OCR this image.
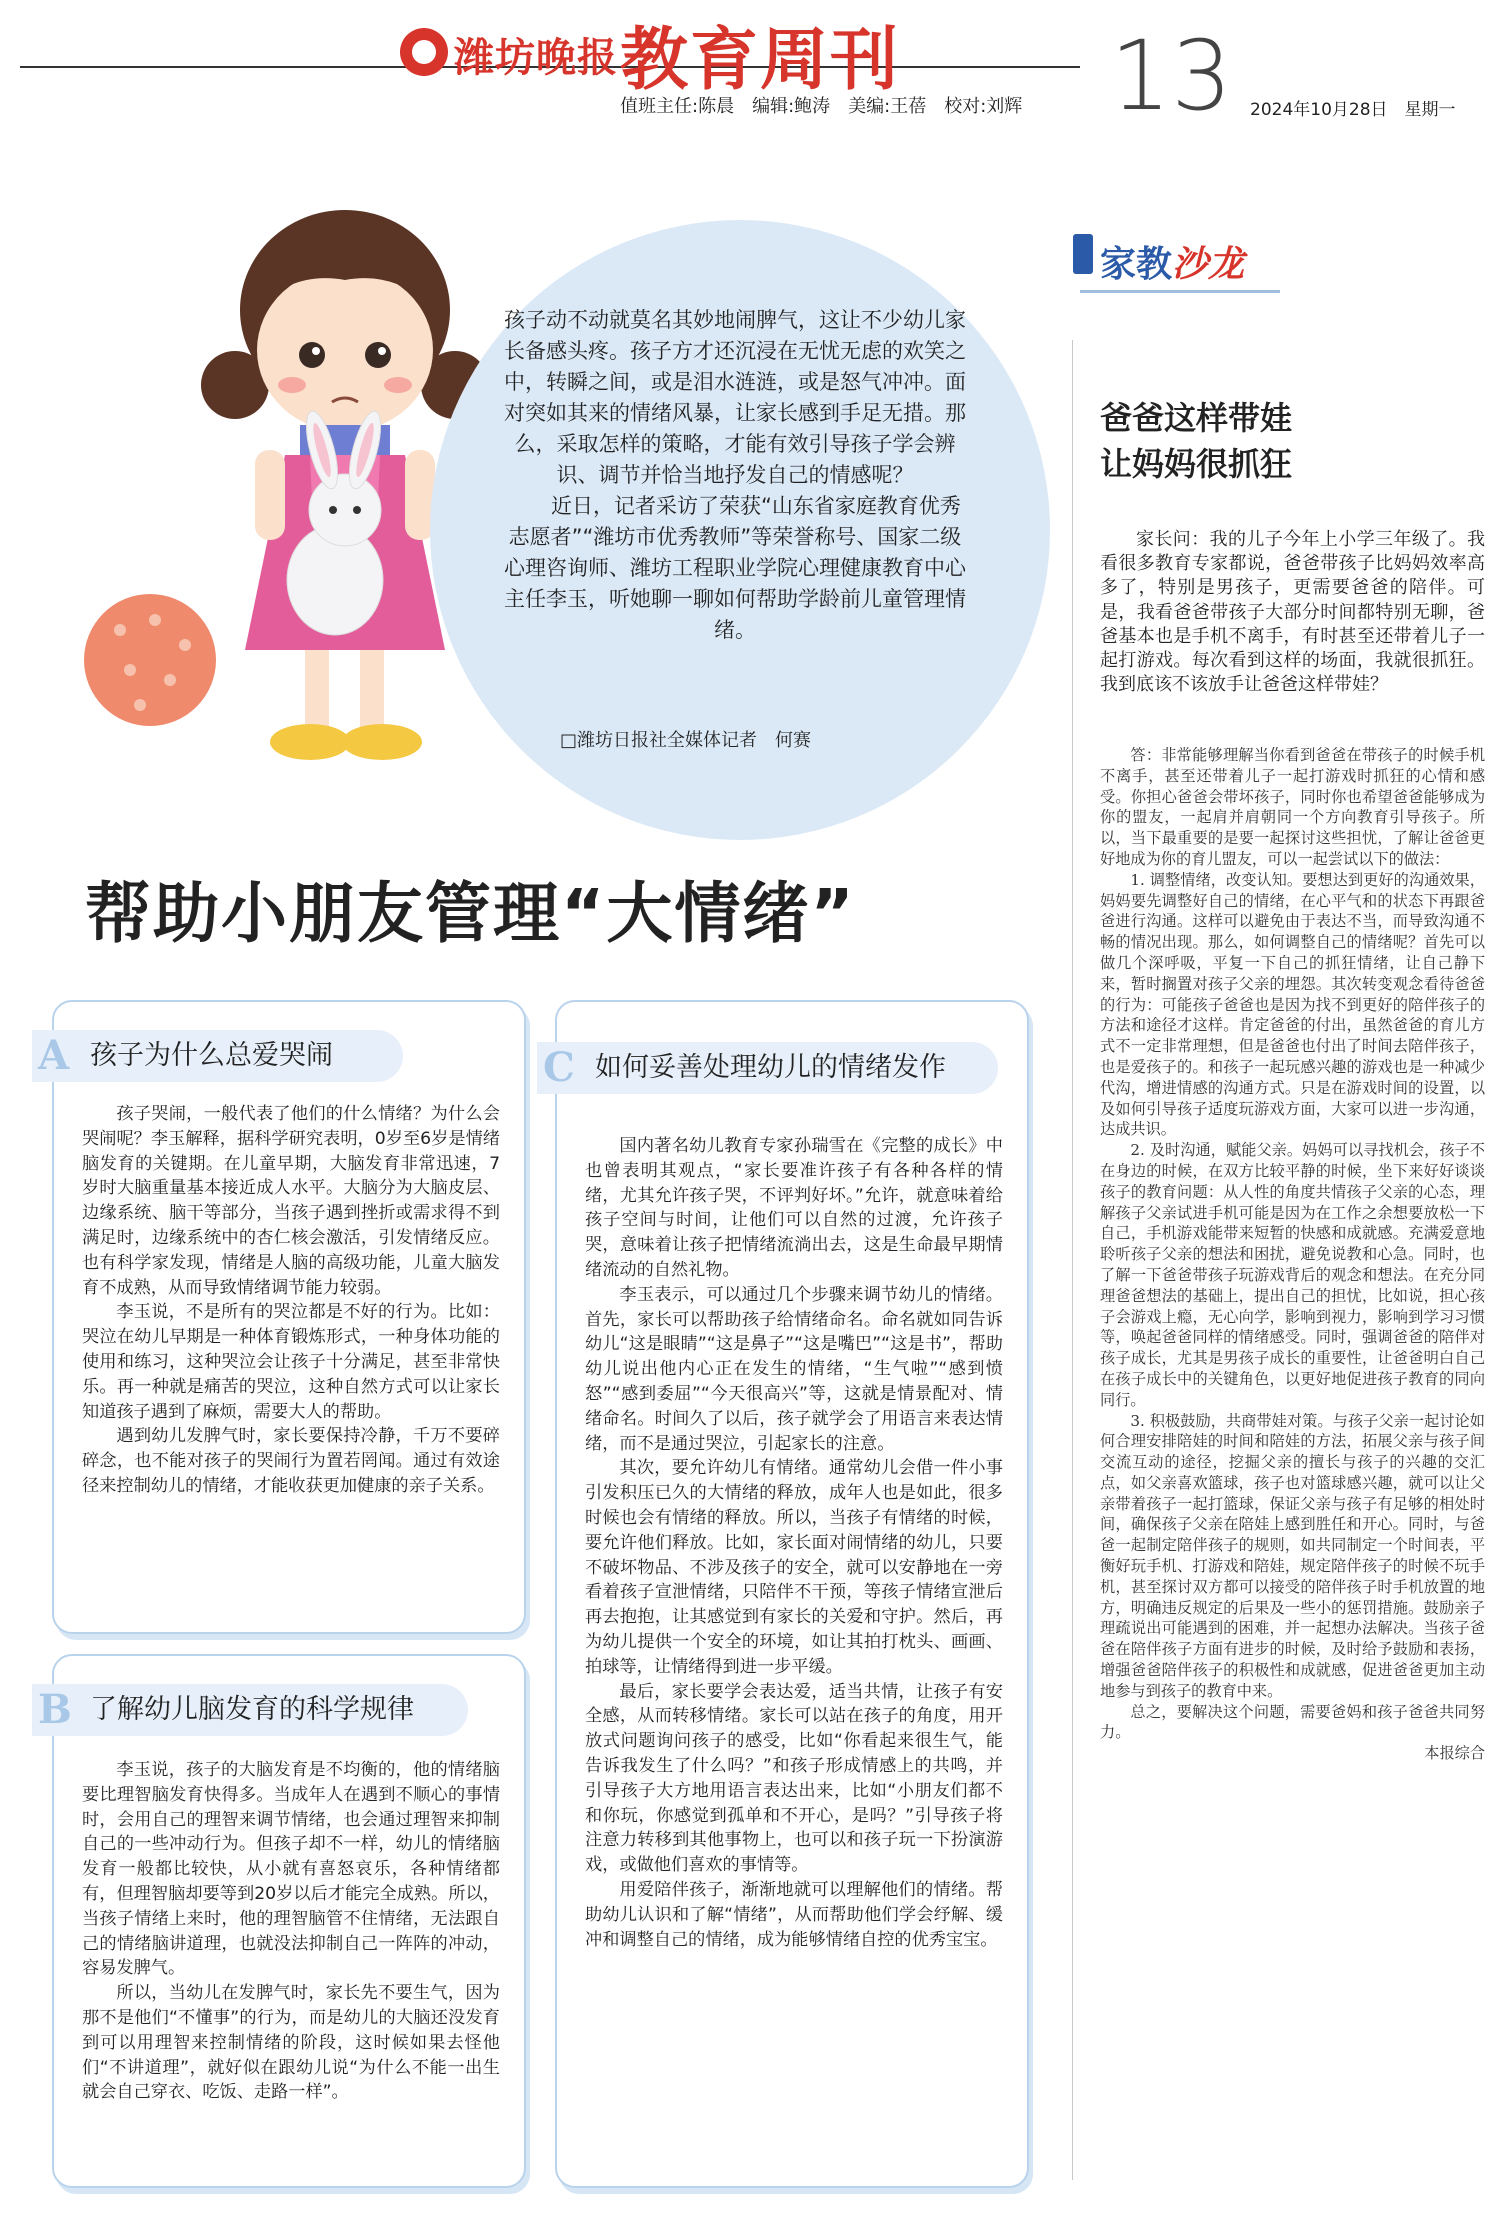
潍坊晚报 教育周刊
值班主任:陈晨　编辑:鲍涛　美编:王蓓　校对:刘辉 13 2024年10月28日　星期一

孩子动不动就莫名其妙地闹脾气，这让不少幼儿家长备感头疼。孩子方才还沉浸在无忧无虑的欢笑之中，转瞬之间，或是泪水涟涟，或是怒气冲冲。面对突如其来的情绪风暴，让家长感到手足无措。那么，采取怎样的策略，才能有效引导孩子学会辨识、调节并恰当地抒发自己的情感呢？

近日，记者采访了荣获“山东省家庭教育优秀志愿者”“潍坊市优秀教师”等荣誉称号、国家二级心理咨询师、潍坊工程职业学院心理健康教育中心主任李玉，听她聊一聊如何帮助学龄前儿童管理情绪。

□潍坊日报社全媒体记者　何赛
帮助小朋友管理“大情绪”
A 孩子为什么总爱哭闹

孩子哭闹，一般代表了他们的什么情绪？为什么会哭闹呢？李玉解释，据科学研究表明，0岁至6岁是情绪脑发育的关键期。在儿童早期，大脑发育非常迅速，7岁时大脑重量基本接近成人水平。大脑分为大脑皮层、边缘系统、脑干等部分，当孩子遇到挫折或需求得不到满足时，边缘系统中的杏仁核会激活，引发情绪反应。也有科学家发现，情绪是人脑的高级功能，儿童大脑发育不成熟，从而导致情绪调节能力较弱。

李玉说，不是所有的哭泣都是不好的行为。比如：哭泣在幼儿早期是一种体育锻炼形式，一种身体功能的使用和练习，这种哭泣会让孩子十分满足，甚至非常快乐。再一种就是痛苦的哭泣，这种自然方式可以让家长知道孩子遇到了麻烦，需要大人的帮助。

遇到幼儿发脾气时，家长要保持冷静，千万不要碎碎念，也不能对孩子的哭闹行为置若罔闻。通过有效途径来控制幼儿的情绪，才能收获更加健康的亲子关系。

B 了解幼儿脑发育的科学规律

李玉说，孩子的大脑发育是不均衡的，他的情绪脑要比理智脑发育快得多。当成年人在遇到不顺心的事情时，会用自己的理智来调节情绪，也会通过理智来抑制自己的一些冲动行为。但孩子却不一样，幼儿的情绪脑发育一般都比较快，从小就有喜怒哀乐，各种情绪都有，但理智脑却要等到20岁以后才能完全成熟。所以，当孩子情绪上来时，他的理智脑管不住情绪，无法跟自己的情绪脑讲道理，也就没法抑制自己一阵阵的冲动，容易发脾气。

所以，当幼儿在发脾气时，家长先不要生气，因为那不是他们“不懂事”的行为，而是幼儿的大脑还没发育到可以用理智来控制情绪的阶段，这时候如果去怪他们“不讲道理”，就好似在跟幼儿说“为什么不能一出生就会自己穿衣、吃饭、走路一样”。

C 如何妥善处理幼儿的情绪发作

国内著名幼儿教育专家孙瑞雪在《完整的成长》中也曾表明其观点，“家长要准许孩子有各种各样的情绪，尤其允许孩子哭，不评判好坏。”允许，就意味着给孩子空间与时间，让他们可以自然的过渡，允许孩子哭，意味着让孩子把情绪流淌出去，这是生命最早期情绪流动的自然礼物。

李玉表示，可以通过几个步骤来调节幼儿的情绪。首先，家长可以帮助孩子给情绪命名。命名就如同告诉幼儿“这是眼睛”“这是鼻子”“这是嘴巴”“这是书”，帮助幼儿说出他内心正在发生的情绪，“生气啦”“感到愤怒”“感到委屈”“今天很高兴”等，这就是情景配对、情绪命名。时间久了以后，孩子就学会了用语言来表达情绪，而不是通过哭泣，引起家长的注意。

其次，要允许幼儿有情绪。通常幼儿会借一件小事引发积压已久的大情绪的释放，成年人也是如此，很多时候也会有情绪的释放。所以，当孩子有情绪的时候，要允许他们释放。比如，家长面对闹情绪的幼儿，只要不破坏物品、不涉及孩子的安全，就可以安静地在一旁看着孩子宣泄情绪，只陪伴不干预，等孩子情绪宣泄后再去抱抱，让其感觉到有家长的关爱和守护。然后，再为幼儿提供一个安全的环境，如让其拍打枕头、画画、拍球等，让情绪得到进一步平缓。

最后，家长要学会表达爱，适当共情，让孩子有安全感，从而转移情绪。家长可以站在孩子的角度，用开放式问题询问孩子的感受，比如“你看起来很生气，能告诉我发生了什么吗？”和孩子形成情感上的共鸣，并引导孩子大方地用语言表达出来，比如“小朋友们都不和你玩，你感觉到孤单和不开心，是吗？”引导孩子将注意力转移到其他事物上，也可以和孩子玩一下扮演游戏，或做他们喜欢的事情等。

用爱陪伴孩子，渐渐地就可以理解他们的情绪。帮助幼儿认识和了解“情绪”，从而帮助他们学会纾解、缓冲和调整自己的情绪，成为能够情绪自控的优秀宝宝。

家教沙龙
爸爸这样带娃
让妈妈很抓狂

家长问：我的儿子今年上小学三年级了。我看很多教育专家都说，爸爸带孩子比妈妈效率高多了，特别是男孩子，更需要爸爸的陪伴。可是，我看爸爸带孩子大部分时间都特别无聊，爸爸基本也是手机不离手，有时甚至还带着儿子一起打游戏。每次看到这样的场面，我就很抓狂。我到底该不该放手让爸爸这样带娃？

答：非常能够理解当你看到爸爸在带孩子的时候手机不离手，甚至还带着儿子一起打游戏时抓狂的心情和感受。你担心爸爸会带坏孩子，同时你也希望爸爸能够成为你的盟友，一起肩并肩朝同一个方向教育引导孩子。所以，当下最重要的是要一起探讨这些担忧，了解让爸爸更好地成为你的育儿盟友，可以一起尝试以下的做法：

1. 调整情绪，改变认知。要想达到更好的沟通效果，妈妈要先调整好自己的情绪，在心平气和的状态下再跟爸爸进行沟通。这样可以避免由于表达不当，而导致沟通不畅的情况出现。那么，如何调整自己的情绪呢？首先可以做几个深呼吸，平复一下自己的抓狂情绪，让自己静下来，暂时搁置对孩子父亲的埋怨。其次转变观念看待爸爸的行为：可能孩子爸爸也是因为找不到更好的陪伴孩子的方法和途径才这样。肯定爸爸的付出，虽然爸爸的育儿方式不一定非常理想，但是爸爸也付出了时间去陪伴孩子，也是爱孩子的。和孩子一起玩感兴趣的游戏也是一种减少代沟，增进情感的沟通方式。只是在游戏时间的设置，以及如何引导孩子适度玩游戏方面，大家可以进一步沟通，达成共识。

2. 及时沟通，赋能父亲。妈妈可以寻找机会，孩子不在身边的时候，在双方比较平静的时候，坐下来好好谈谈孩子的教育问题：从人性的角度共情孩子父亲的心态，理解孩子父亲试进手机可能是因为在工作之余想要放松一下自己，手机游戏能带来短暂的快感和成就感。充满爱意地聆听孩子父亲的想法和困扰，避免说教和心急。同时，也了解一下爸爸带孩子玩游戏背后的观念和想法。在充分同理爸爸想法的基础上，提出自己的担忧，比如说，担心孩子会游戏上瘾，无心向学，影响到视力，影响到学习习惯等，唤起爸爸同样的情绪感受。同时，强调爸爸的陪伴对孩子成长，尤其是男孩子成长的重要性，让爸爸明白自己在孩子成长中的关键角色，以更好地促进孩子教育的同向同行。

3. 积极鼓励，共商带娃对策。与孩子父亲一起讨论如何合理安排陪娃的时间和陪娃的方法，拓展父亲与孩子间交流互动的途径，挖掘父亲的擅长与孩子的兴趣的交汇点，如父亲喜欢篮球，孩子也对篮球感兴趣，就可以让父亲带着孩子一起打篮球，保证父亲与孩子有足够的相处时间，确保孩子父亲在陪娃上感到胜任和开心。同时，与爸爸一起制定陪伴孩子的规则，如共同制定一个时间表，平衡好玩手机、打游戏和陪娃，规定陪伴孩子的时候不玩手机，甚至探讨双方都可以接受的陪伴孩子时手机放置的地方，明确违反规定的后果及一些小的惩罚措施。鼓励亲子理疏说出可能遇到的困难，并一起想办法解决。当孩子爸爸在陪伴孩子方面有进步的时候，及时给予鼓励和表扬，增强爸爸陪伴孩子的积极性和成就感，促进爸爸更加主动地参与到孩子的教育中来。

总之，要解决这个问题，需要爸妈和孩子爸爸共同努力。

本报综合
